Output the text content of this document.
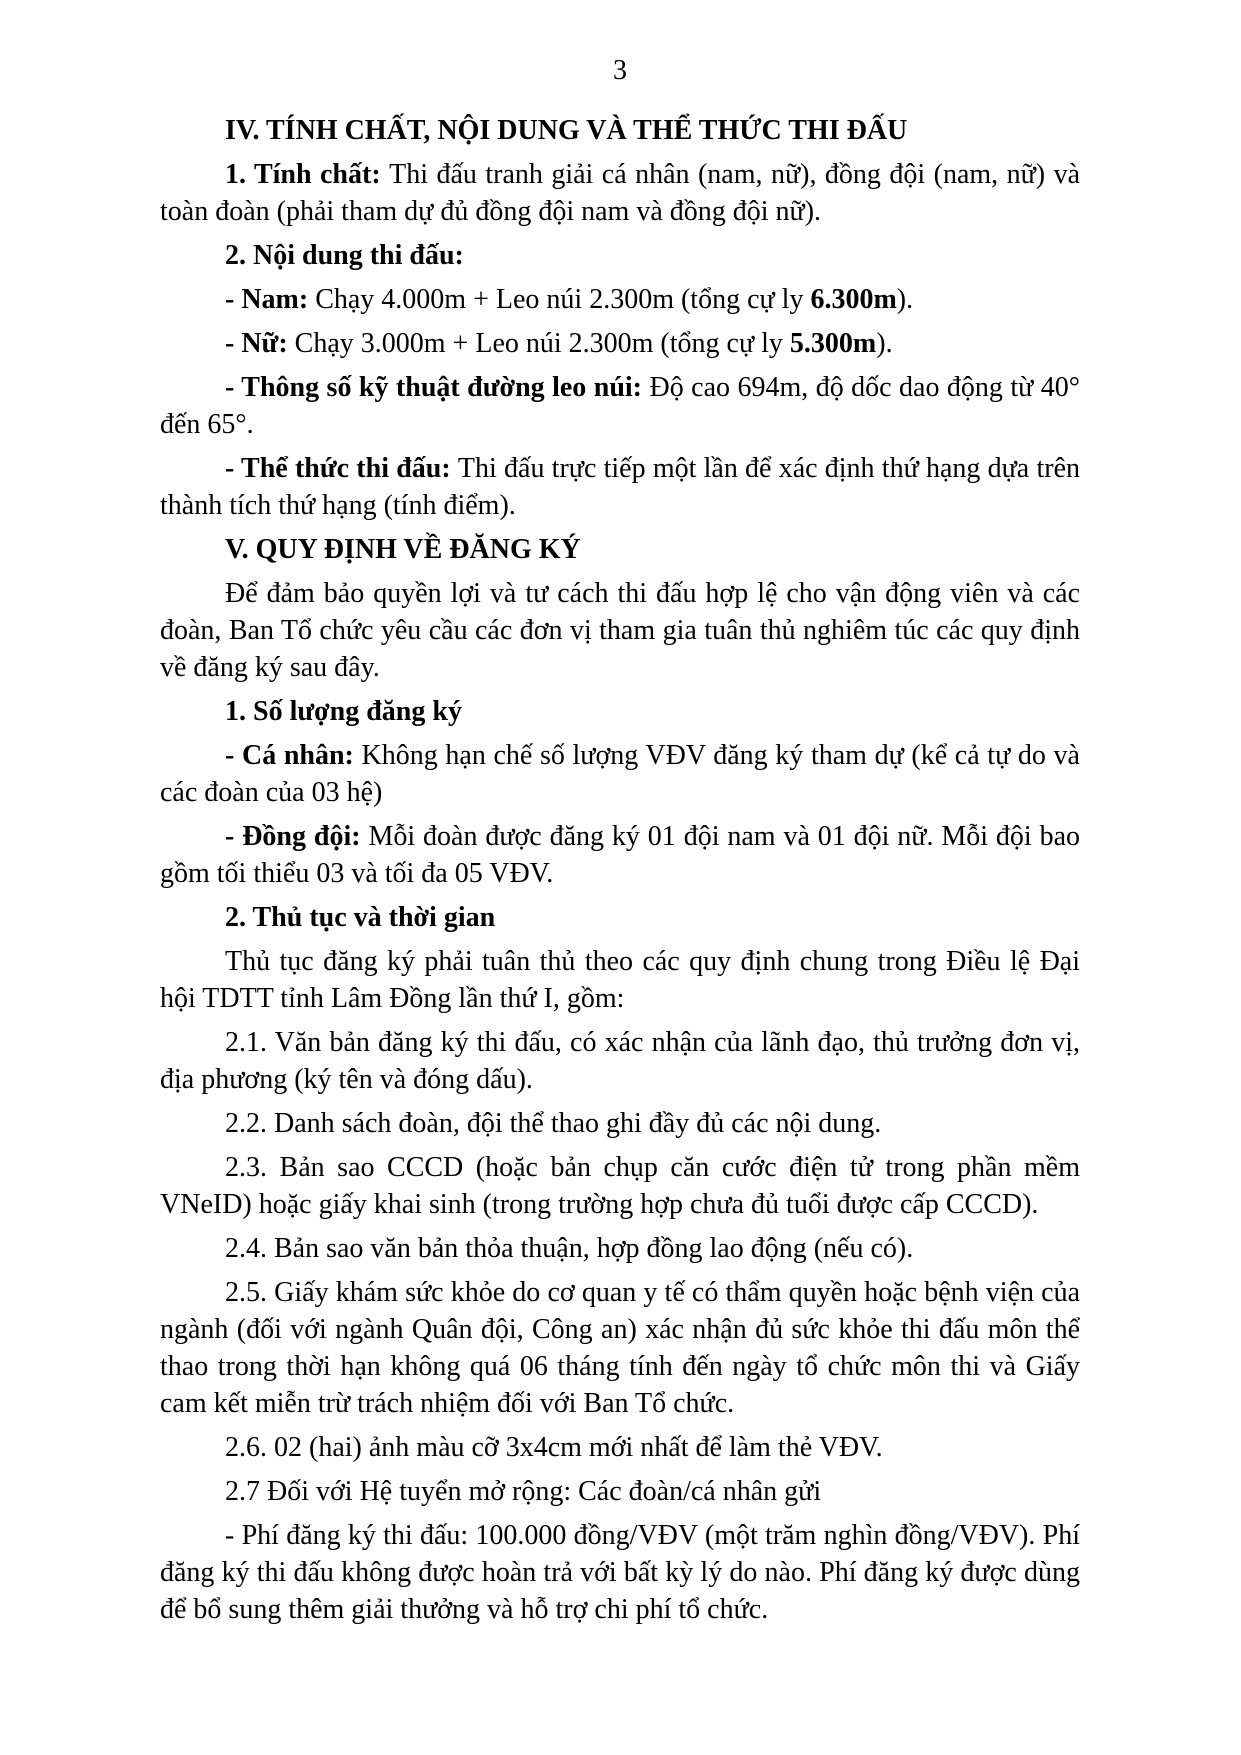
3

IV. TÍNH CHẤT, NỘI DUNG VÀ THỂ THỨC THI ĐẤU

1. Tính chất: Thi đấu tranh giải cá nhân (nam, nữ), đồng đội (nam, nữ) và toàn đoàn (phải tham dự đủ đồng đội nam và đồng đội nữ).

2. Nội dung thi đấu:

- Nam: Chạy 4.000m + Leo núi 2.300m (tổng cự ly 6.300m).

- Nữ: Chạy 3.000m + Leo núi 2.300m (tổng cự ly 5.300m).

- Thông số kỹ thuật đường leo núi: Độ cao 694m, độ dốc dao động từ 40° đến 65°.

- Thể thức thi đấu: Thi đấu trực tiếp một lần để xác định thứ hạng dựa trên thành tích thứ hạng (tính điểm).

V. QUY ĐỊNH VỀ ĐĂNG KÝ

Để đảm bảo quyền lợi và tư cách thi đấu hợp lệ cho vận động viên và các đoàn, Ban Tổ chức yêu cầu các đơn vị tham gia tuân thủ nghiêm túc các quy định về đăng ký sau đây.

1. Số lượng đăng ký

- Cá nhân: Không hạn chế số lượng VĐV đăng ký tham dự (kể cả tự do và các đoàn của 03 hệ)

- Đồng đội: Mỗi đoàn được đăng ký 01 đội nam và 01 đội nữ. Mỗi đội bao gồm tối thiểu 03 và tối đa 05 VĐV.

2. Thủ tục và thời gian

Thủ tục đăng ký phải tuân thủ theo các quy định chung trong Điều lệ Đại hội TDTT tỉnh Lâm Đồng lần thứ I, gồm:

2.1. Văn bản đăng ký thi đấu, có xác nhận của lãnh đạo, thủ trưởng đơn vị, địa phương (ký tên và đóng dấu).

2.2. Danh sách đoàn, đội thể thao ghi đầy đủ các nội dung.

2.3. Bản sao CCCD (hoặc bản chụp căn cước điện tử trong phần mềm VNeID) hoặc giấy khai sinh (trong trường hợp chưa đủ tuổi được cấp CCCD).

2.4. Bản sao văn bản thỏa thuận, hợp đồng lao động (nếu có).

2.5. Giấy khám sức khỏe do cơ quan y tế có thẩm quyền hoặc bệnh viện của ngành (đối với ngành Quân đội, Công an) xác nhận đủ sức khỏe thi đấu môn thể thao trong thời hạn không quá 06 tháng tính đến ngày tổ chức môn thi và Giấy cam kết miễn trừ trách nhiệm đối với Ban Tổ chức.

2.6. 02 (hai) ảnh màu cỡ 3x4cm mới nhất để làm thẻ VĐV.

2.7 Đối với Hệ tuyển mở rộng: Các đoàn/cá nhân gửi

- Phí đăng ký thi đấu: 100.000 đồng/VĐV (một trăm nghìn đồng/VĐV). Phí đăng ký thi đấu không được hoàn trả với bất kỳ lý do nào. Phí đăng ký được dùng để bổ sung thêm giải thưởng và hỗ trợ chi phí tổ chức.
